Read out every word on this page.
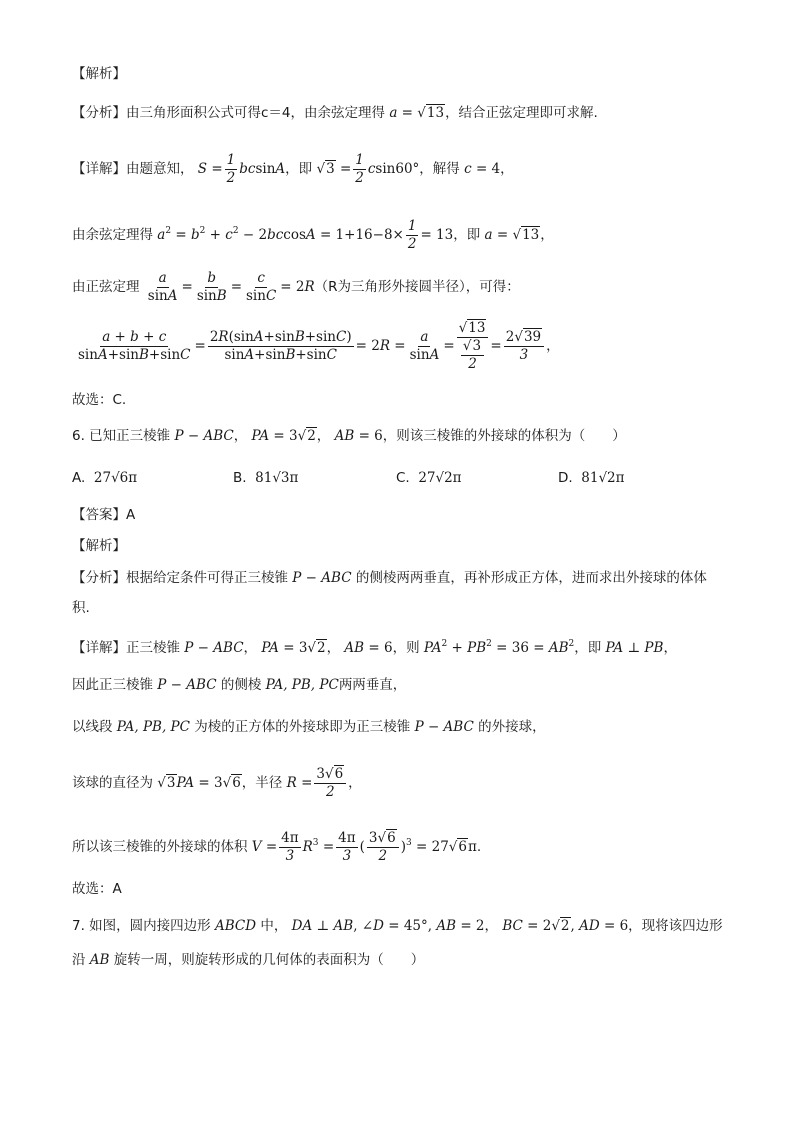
【解析】
【分析】由三角形面积公式可得c＝4，由余弦定理得 a = √13，结合正弦定理即可求解.
【详解】由题意知， $S = \frac{1}{2}$ bcsinA，即 $√3 = \frac{1}{2} csin60^\circ$，解得 c = 4，
由余弦定理得 $a^2 = b^2 + c^2 - 2bccosA = 1+16-8\times \frac{1}{2} = 13$，即 a = √13，
由正弦定理 $\frac{a}{\sin A} = \frac{b}{\sin B} = \frac{c}{\sin C} = 2R(R$为三角形外接圆半径），可得：
$\frac{a + b + c}{\sin A+\sin B+\sin C} = \frac{2R(\sin A+\sin B+\sin C)}{\sin A+\sin B+\sin C} = 2R = \frac{a}{\sin A} = \frac{√13}{\frac{√3}{2}} = \frac{2√39}{3}$ ，
故选：C.
6. 已知正三棱锥 P − ABC， PA = 3√2， AB = 6，则该三棱锥的外接球的体积为（　　）
A. 27√6π	B. 81√3π	C. 27√2π	D. 81√2π
【答案】A
【解析】
【分析】根据给定条件可得正三棱锥 P − ABC 的侧棱两两垂直，再补形成正方体，进而求出外接球的体体
积.
【详解】正三棱锥 P − ABC， PA = 3√2， AB = 6，则 $PA^2 + PB^2 = 36 = AB^2$，即 PA ⊥ PB，
因此正三棱锥 P − ABC 的侧棱 PA, PB, PC两两垂直，
以线段 PA, PB, PC 为棱的正方体的外接球即为正三棱锥 P − ABC 的外接球，
该球的直径为 √3PA = 3√6，半径 $R = \frac{3√6}{2}$ ，
所以该三棱锥的外接球的体积 $V = \frac{4\pi}{3} R^3 = \frac{4\pi}{3}$ ( $\frac{3√6}{2} )^3 = 27√6\pi$.
故选：A
7. 如图，圆内接四边形 ABCD 中， DA ⊥ AB, ∠D = 45°, AB = 2， BC = 2√2, AD = 6，现将该四边形
沿 AB 旋转一周，则旋转形成的几何体的表面积为（　　）
